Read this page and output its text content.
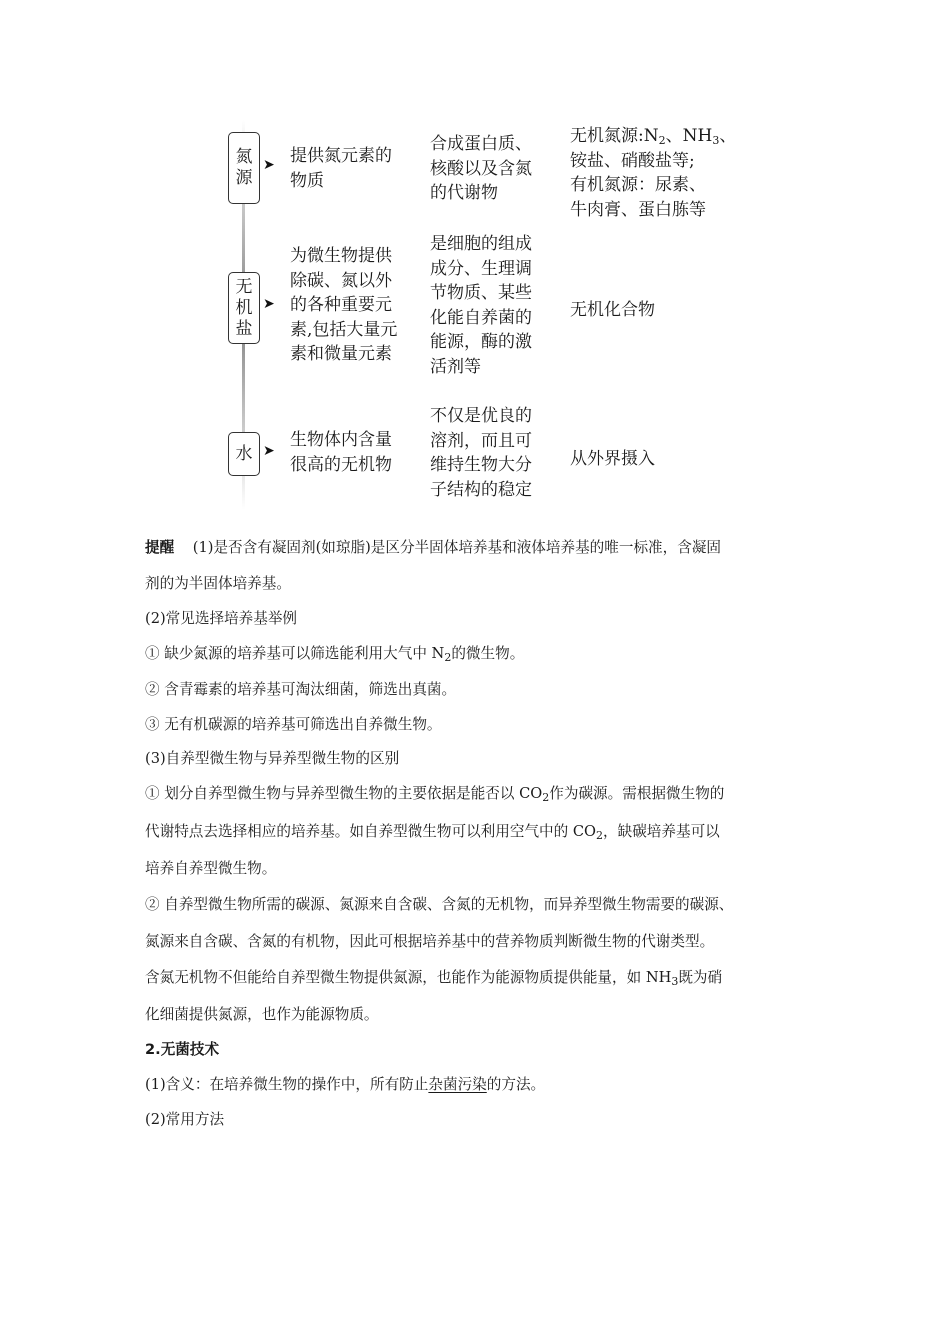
氮
源
➤ 提供氮元素的
物质
合成蛋白质、
核酸以及含氮
的代谢物
无机氮源$:N_2$、$NH_3$、
铵盐、硝酸盐等;
有机氮源：尿素、
牛肉膏、蛋白胨等
无
机
盐
➤
为微生物提供
除碳、氮以外
的各种重要元
素,包括大量元
素和微量元素
是细胞的组成
成分、生理调
节物质、某些
化能自养菌的
能源，酶的激
活剂等
无机化合物
水 ➤
生物体内含量
很高的无机物
不仅是优良的
溶剂，而且可
维持生物大分
子结构的稳定
从外界摄入
提醒 (1)是否含有凝固剂(如琼脂)是区分半固体培养基和液体培养基的唯一标准，含凝固
剂的为半固体培养基。
(2)常见选择培养基举例
① 缺少氮源的培养基可以筛选能利用大气中 $N_2$的微生物。
② 含青霉素的培养基可淘汰细菌，筛选出真菌。
③ 无有机碳源的培养基可筛选出自养微生物。
(3)自养型微生物与异养型微生物的区别
① 划分自养型微生物与异养型微生物的主要依据是能否以 $CO_2$作为碳源。需根据微生物的
代谢特点去选择相应的培养基。如自养型微生物可以利用空气中的 $CO_2$，缺碳培养基可以
培养自养型微生物。
② 自养型微生物所需的碳源、氮源来自含碳、含氮的无机物，而异养型微生物需要的碳源、
氮源来自含碳、含氮的有机物，因此可根据培养基中的营养物质判断微生物的代谢类型。
含氮无机物不但能给自养型微生物提供氮源，也能作为能源物质提供能量，如 $NH_3$既为硝
化细菌提供氮源，也作为能源物质。
2.无菌技术
(1)含义：在培养微生物的操作中，所有防止杂菌污染的方法。
(2)常用方法
